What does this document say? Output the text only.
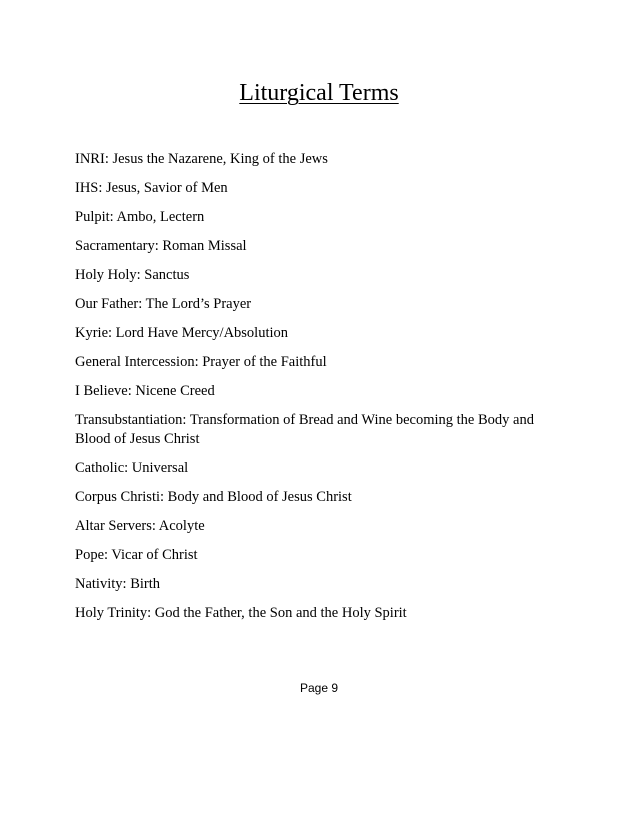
Liturgical Terms
INRI: Jesus the Nazarene, King of the Jews
IHS: Jesus, Savior of Men
Pulpit: Ambo, Lectern
Sacramentary: Roman Missal
Holy Holy: Sanctus
Our Father: The Lord’s Prayer
Kyrie: Lord Have Mercy/Absolution
General Intercession: Prayer of the Faithful
I Believe: Nicene Creed
Transubstantiation: Transformation of Bread and Wine becoming the Body and Blood of Jesus Christ
Catholic: Universal
Corpus Christi: Body and Blood of Jesus Christ
Altar Servers: Acolyte
Pope: Vicar of Christ
Nativity: Birth
Holy Trinity: God the Father, the Son and the Holy Spirit
Page 9
